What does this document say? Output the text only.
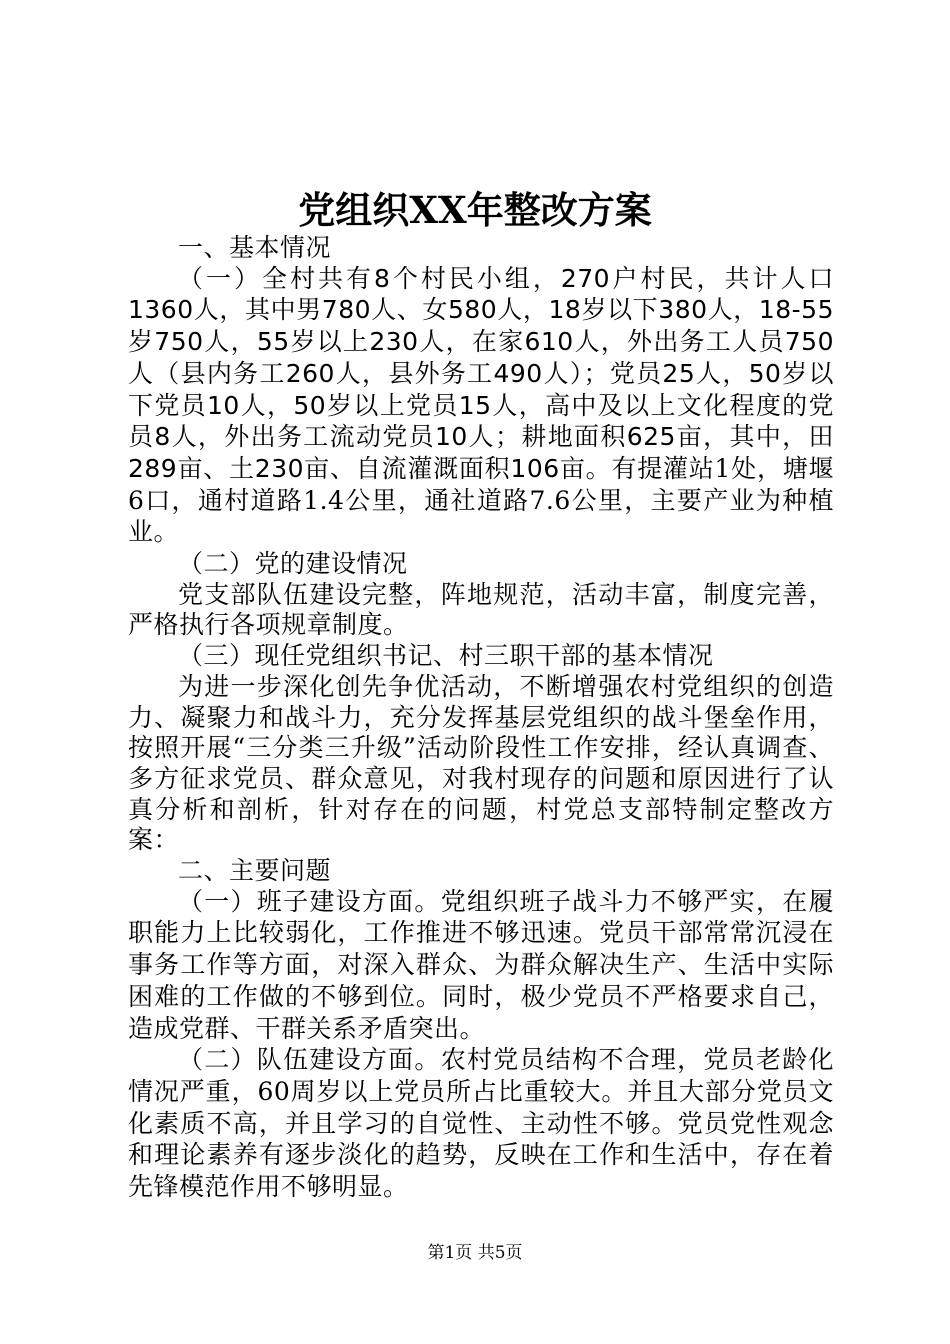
党组织XX年整改方案

一、基本情况

（一）全村共有8个村民小组，270户村民，共计人口1360人，其中男780人、女580人，18岁以下380人，18-55岁750人，55岁以上230人，在家610人，外出务工人员750人（县内务工260人，县外务工490人）；党员25人，50岁以下党员10人，50岁以上党员15人，高中及以上文化程度的党员8人，外出务工流动党员10人；耕地面积625亩，其中，田289亩、土230亩、自流灌溉面积106亩。有提灌站1处，塘堰6口，通村道路1.4公里，通社道路7.6公里，主要产业为种植业。

（二）党的建设情况

党支部队伍建设完整，阵地规范，活动丰富，制度完善，严格执行各项规章制度。

（三）现任党组织书记、村三职干部的基本情况

为进一步深化创先争优活动，不断增强农村党组织的创造力、凝聚力和战斗力，充分发挥基层党组织的战斗堡垒作用，按照开展“三分类三升级”活动阶段性工作安排，经认真调查、多方征求党员、群众意见，对我村现存的问题和原因进行了认真分析和剖析，针对存在的问题，村党总支部特制定整改方案：

二、主要问题

（一）班子建设方面。党组织班子战斗力不够严实，在履职能力上比较弱化，工作推进不够迅速。党员干部常常沉浸在事务工作等方面，对深入群众、为群众解决生产、生活中实际困难的工作做的不够到位。同时，极少党员不严格要求自己，造成党群、干群关系矛盾突出。

（二）队伍建设方面。农村党员结构不合理，党员老龄化情况严重，60周岁以上党员所占比重较大。并且大部分党员文化素质不高，并且学习的自觉性、主动性不够。党员党性观念和理论素养有逐步淡化的趋势，反映在工作和生活中，存在着先锋模范作用不够明显。

第1页 共5页
